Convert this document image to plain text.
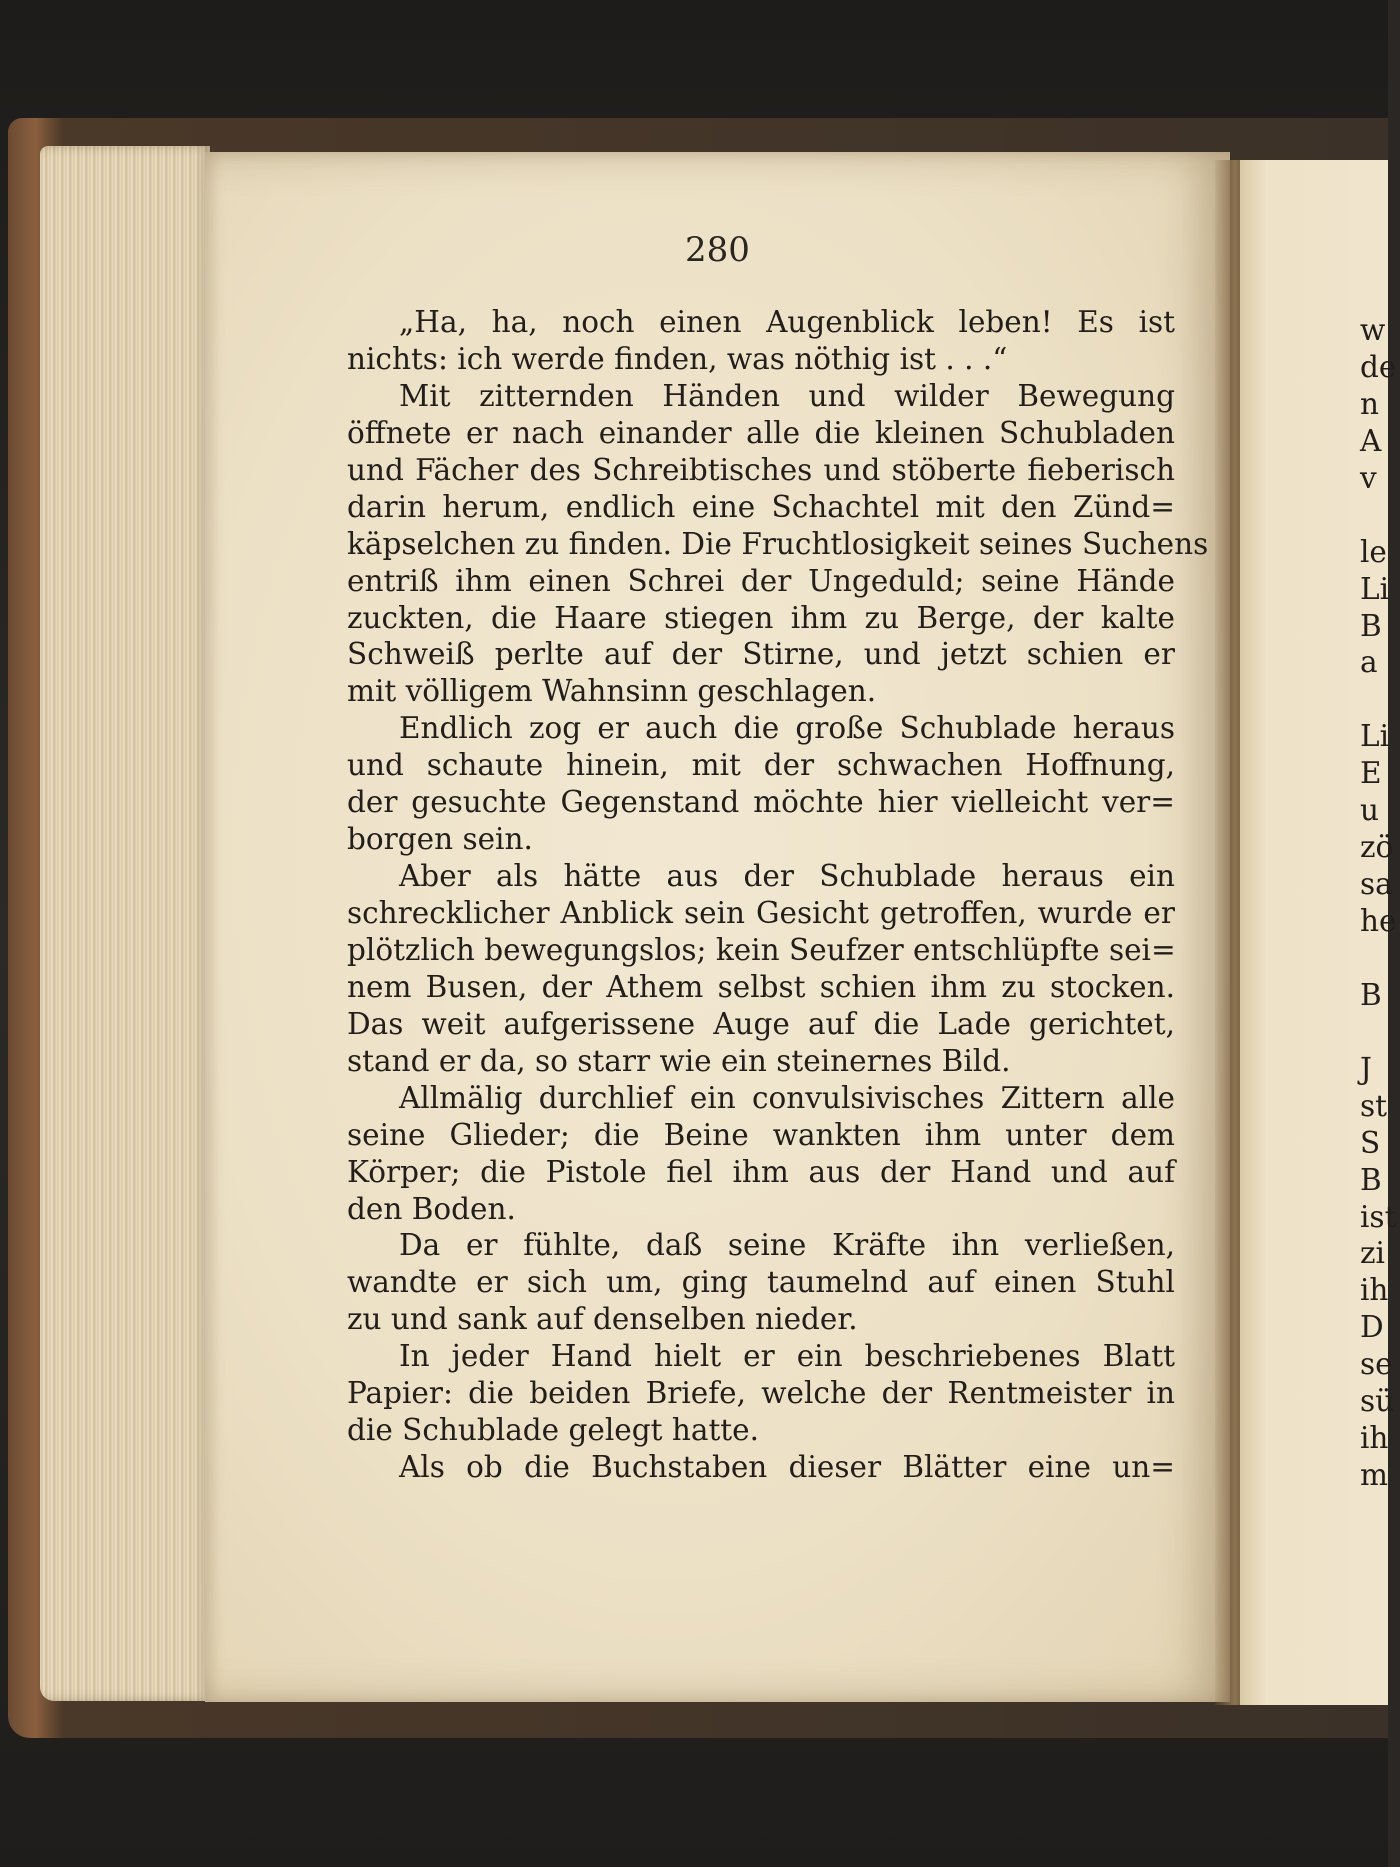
280
„Ha, ha, noch einen Augenblick leben! Es ist
nichts: ich werde finden, was nöthig ist . . .“
Mit zitternden Händen und wilder Bewegung
öffnete er nach einander alle die kleinen Schubladen
und Fächer des Schreibtisches und stöberte fieberisch
darin herum, endlich eine Schachtel mit den Zünd=
käpselchen zu finden. Die Fruchtlosigkeit seines Suchens
entriß ihm einen Schrei der Ungeduld; seine Hände
zuckten, die Haare stiegen ihm zu Berge, der kalte
Schweiß perlte auf der Stirne, und jetzt schien er
mit völligem Wahnsinn geschlagen.
Endlich zog er auch die große Schublade heraus
und schaute hinein, mit der schwachen Hoffnung,
der gesuchte Gegenstand möchte hier vielleicht ver=
borgen sein.
Aber als hätte aus der Schublade heraus ein
schrecklicher Anblick sein Gesicht getroffen, wurde er
plötzlich bewegungslos; kein Seufzer entschlüpfte sei=
nem Busen, der Athem selbst schien ihm zu stocken.
Das weit aufgerissene Auge auf die Lade gerichtet,
stand er da, so starr wie ein steinernes Bild.
Allmälig durchlief ein convulsivisches Zittern alle
seine Glieder; die Beine wankten ihm unter dem
Körper; die Pistole fiel ihm aus der Hand und auf
den Boden.
Da er fühlte, daß seine Kräfte ihn verließen,
wandte er sich um, ging taumelnd auf einen Stuhl
zu und sank auf denselben nieder.
In jeder Hand hielt er ein beschriebenes Blatt
Papier: die beiden Briefe, welche der Rentmeister in
die Schublade gelegt hatte.
Als ob die Buchstaben dieser Blätter eine un=
w
de
n
A
v
le
Li
B
a
Li
E
u
zö
sa
he
B
J
st
S
B
ist
zi
ih
D
se
sü
ih
m
